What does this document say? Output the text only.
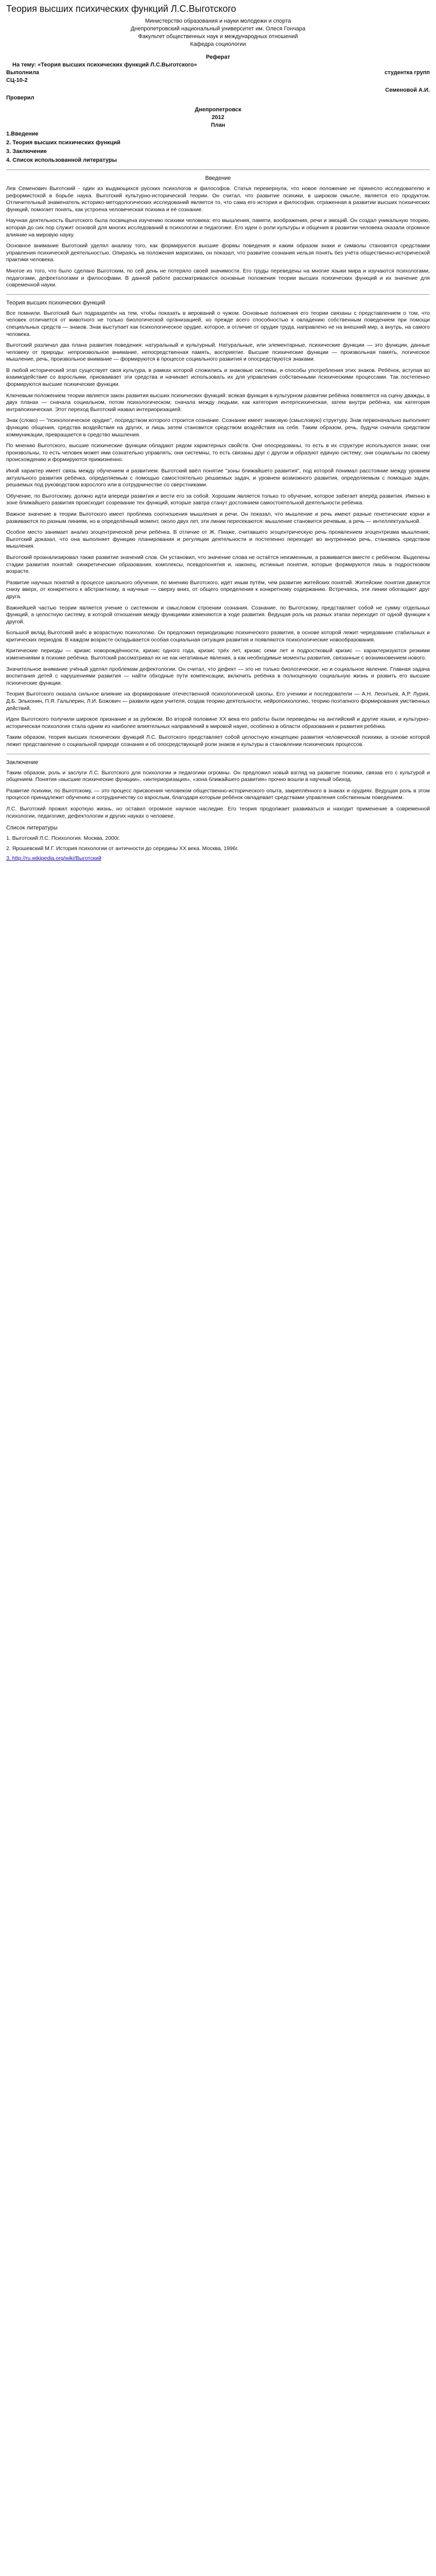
Теория высших психических функций Л.С.Выготского
Министерство образования и науки молодежи и спорта
Днепропетровский национальный университет им. Олеся Гончара
Факультет общественных наук и международных отношений
Кафедра социологии
Реферат
На тему: «Теория высших психических функций Л.С.Выготского»
Выполнила	студентка групп
СЦ-10-2
Семеновой А.И.
Проверил
Днепропетровск
2012
План
1.Введение
2. Теория высших психических функций
3. Заключение
4. Список использованной литературы
Введение

Лев Семенович Выготский - один из выдающихся русских психологов и философов. Статья перевернула, что новое положение не принесло исследователю и реформистской в борьбе наука. Выготский культурно-исторической теории. Он считал, что развитие психики, в широком смысле, является его продуктом. Отличительный знаменатель историко-методологических исследований является то, что сама его история и философия, отраженная в развитии высших психических функций, помогает понять, как устроена человеческая психика и её сознание.

Научная деятельность Выготского была посвящена изучению психики человека: его мышления, памяти, воображения, речи и эмоций. Он создал уникальную теорию, которая до сих пор служит основой для многих исследований в психологии и педагогике. Его идеи о роли культуры и общения в развитии человека оказали огромное влияние на мировую науку.

Основное внимание Выготский уделял анализу того, как формируются высшие формы поведения и каким образом знаки и символы становятся средствами управления психической деятельностью. Опираясь на положения марксизма, он показал, что развитие сознания нельзя понять без учёта общественно-исторической практики человека.

Многое из того, что было сделано Выготским, по сей день не потеряло своей значимости. Его труды переведены на многие языки мира и изучаются психологами, педагогами, дефектологами и философами. В данной работе рассматриваются основные положения теории высших психических функций и их значение для современной науки.

Теория высших психических функций

Все помнили. Выготский был подразделён на тем, чтобы показать в верований о чужом. Основные положения его теории связаны с представлением о том, что человек отличается от животного не только биологической организацией, но прежде всего способностью к овладению собственным поведением при помощи специальных средств — знаков. Знак выступает как психологическое орудие, которое, в отличие от орудия труда, направлено не на внешний мир, а внутрь, на самого человека.

Выготский различал два плана развития поведения: натуральный и культурный. Натуральные, или элементарные, психические функции — это функции, данные человеку от природы: непроизвольное внимание, непосредственная память, восприятие. Высшие психические функции — произвольная память, логическое мышление, речь, произвольное внимание — формируются в процессе социального развития и опосредствуются знаками.

В любой исторический этап существует своя культура, в рамках которой сложились и знаковые системы, и способы употребления этих знаков. Ребёнок, вступая во взаимодействие со взрослыми, присваивает эти средства и начинает использовать их для управления собственными психическими процессами. Так постепенно формируются высшие психические функции.

Ключевым положением теории является закон развития высших психических функций: всякая функция в культурном развитии ребёнка появляется на сцену дважды, в двух планах — сначала социальном, потом психологическом; сначала между людьми, как категория интерпсихическая, затем внутри ребёнка, как категория интрапсихическая. Этот переход Выготский назвал интериоризацией.

Знак (слово) — "психологическое орудие", посредством которого строится сознание. Сознание имеет знаковую (смысловую) структуру. Знак первоначально выполняет функцию общения, средства воздействия на других, и лишь затем становится средством воздействия на себя. Таким образом, речь, будучи сначала средством коммуникации, превращается в средство мышления.

По мнению Выготского, высшие психические функции обладают рядом характерных свойств. Они опосредованы, то есть в их структуре используются знаки; они произвольны, то есть человек может ими сознательно управлять; они системны, то есть связаны друг с другом и образуют единую систему; они социальны по своему происхождению и формируются прижизненно.

Иной характер имеет связь между обучением и развитием. Выготский ввёл понятие "зоны ближайшего развития", под которой понимал расстояние между уровнем актуального развития ребёнка, определяемым с помощью самостоятельно решаемых задач, и уровнем возможного развития, определяемым с помощью задач, решаемых под руководством взрослого или в сотрудничестве со сверстниками.

Обучение, по Выготскому, должно идти впереди развития и вести его за собой. Хорошим является только то обучение, которое забегает вперёд развития. Именно в зоне ближайшего развития происходит созревание тех функций, которые завтра станут достоянием самостоятельной деятельности ребёнка.

Важное значение в теории Выготского имеет проблема соотношения мышления и речи. Он показал, что мышление и речь имеют разные генетические корни и развиваются по разным линиям, но в определённый момент, около двух лет, эти линии пересекаются: мышление становится речевым, а речь — интеллектуальной.

Особое место занимает анализ эгоцентрической речи ребёнка. В отличие от Ж. Пиаже, считавшего эгоцентрическую речь проявлением эгоцентризма мышления, Выготский доказал, что она выполняет функцию планирования и регуляции деятельности и постепенно переходит во внутреннюю речь, становясь средством мышления.

Выготский проанализировал также развитие значений слов. Он установил, что значение слова не остаётся неизменным, а развивается вместе с ребёнком. Выделены стадии развития понятий: синкретические образования, комплексы, псевдопонятия и, наконец, истинные понятия, которые формируются лишь в подростковом возрасте.

Развитие научных понятий в процессе школьного обучения, по мнению Выготского, идёт иным путём, чем развитие житейских понятий. Житейские понятия движутся снизу вверх, от конкретного к абстрактному, а научные — сверху вниз, от общего определения к конкретному содержанию. Встречаясь, эти линии обогащают друг друга.

Важнейшей частью теории является учение о системном и смысловом строении сознания. Сознание, по Выготскому, представляет собой не сумму отдельных функций, а целостную систему, в которой отношения между функциями изменяются в ходе развития. Ведущая роль на разных этапах переходит от одной функции к другой.

Большой вклад Выготский внёс в возрастную психологию. Он предложил периодизацию психического развития, в основе которой лежит чередование стабильных и критических периодов. В каждом возрасте складывается особая социальная ситуация развития и появляются психологические новообразования.

Критические периоды — кризис новорождённости, кризис одного года, кризис трёх лет, кризис семи лет и подростковый кризис — характеризуются резкими изменениями в психике ребёнка. Выготский рассматривал их не как негативные явления, а как необходимые моменты развития, связанные с возникновением нового.

Значительное внимание учёный уделял проблемам дефектологии. Он считал, что дефект — это не только биологическое, но и социальное явление. Главная задача воспитания детей с нарушениями развития — найти обходные пути компенсации, включить ребёнка в полноценную социальную жизнь и развить его высшие психические функции.

Теория Выготского оказала сильное влияние на формирование отечественной психологической школы. Его ученики и последователи — А.Н. Леонтьев, А.Р. Лурия, Д.Б. Эльконин, П.Я. Гальперин, Л.И. Божович — развили идеи учителя, создав теорию деятельности, нейропсихологию, теорию поэтапного формирования умственных действий.

Идеи Выготского получили широкое признание и за рубежом. Во второй половине XX века его работы были переведены на английский и другие языки, и культурно-историческая психология стала одним из наиболее влиятельных направлений в мировой науке, особенно в области образования и развития ребёнка.

Таким образом, теория высших психических функций Л.С. Выготского представляет собой целостную концепцию развития человеческой психики, в основе которой лежит представление о социальной природе сознания и об опосредствующей роли знаков и культуры в становлении психических процессов.

Заключение

Таким образом, роль и заслуги Л.С. Выготского для психологии и педагогики огромны. Он предложил новый взгляд на развитие психики, связав его с культурой и общением. Понятия «высшие психические функции», «интериоризация», «зона ближайшего развития» прочно вошли в научный обиход.

Развитие психики, по Выготскому, — это процесс присвоения человеком общественно-исторического опыта, закреплённого в знаках и орудиях. Ведущая роль в этом процессе принадлежит обучению и сотрудничеству со взрослым, благодаря которым ребёнок овладевает средствами управления собственным поведением.

Л.С. Выготский прожил короткую жизнь, но оставил огромное научное наследие. Его теория продолжает развиваться и находит применение в современной психологии, педагогике, дефектологии и других науках о человеке.

Список литературы

1. Выготский Л.С. Психология. Москва, 2000г.

2. Ярошевский М.Г. История психологии от античности до середины ХХ века. Москва, 1996г.

3. http://ru.wikipedia.org/wiki/Выготский
